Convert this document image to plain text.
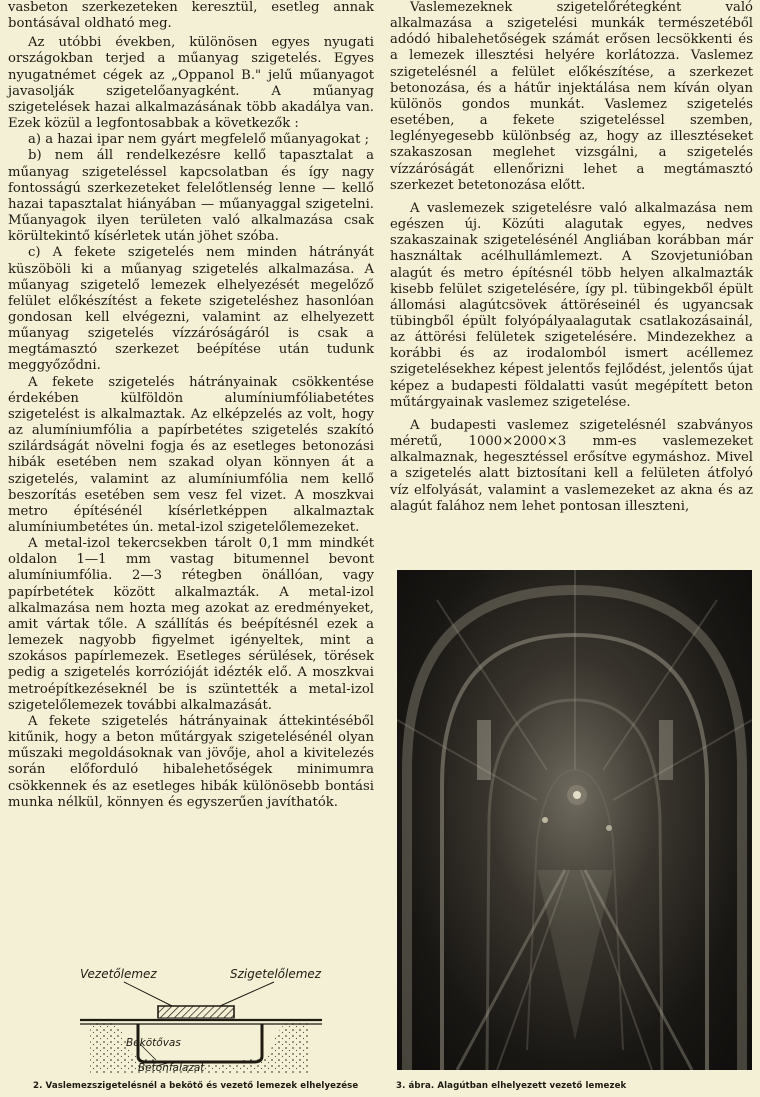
vasbeton szerkezeteken keresztül, esetleg annak bontásával oldható meg.

Az utóbbi években, különösen egyes nyugati országokban terjed a műanyag szigetelés. Egyes nyugatnémet cégek az „Oppanol B." jelű műanyagot javasolják szigetelőanyagként. A műanyag szigetelések hazai alkalmazásának több akadálya van. Ezek közül a legfontosabbak a következők :

a) a hazai ipar nem gyárt megfelelő műanyagokat ;

b) nem áll rendelkezésre kellő tapasztalat a műanyag szigeteléssel kapcsolatban és így nagy fontosságú szerkezeteket felelőtlenség lenne — kellő hazai tapasztalat hiányában — műanyaggal szigetelni. Műanyagok ilyen területen való alkalmazása csak körültekintő kísérletek után jöhet szóba.

c) A fekete szigetelés nem minden hátrányát küszöböli ki a műanyag szigetelés alkalmazása. A műanyag szigetelő lemezek elhelyezését megelőző felület előkészítést a fekete szigeteléshez hasonlóan gondosan kell elvégezni, valamint az elhelyezett műanyag szigetelés vízzáróságáról is csak a megtámasztó szerkezet beépítése után tudunk meggyőződni.

A fekete szigetelés hátrányainak csökkentése érdekében külföldön alumíniumfóliabetétes szigetelést is alkalmaztak. Az elképzelés az volt, hogy az alumíniumfólia a papírbetétes szigetelés szakító szilárdságát növelni fogja és az esetleges betonozási hibák esetében nem szakad olyan könnyen át a szigetelés, valamint az alumíniumfólia nem kellő beszorítás esetében sem vesz fel vizet. A moszkvai metro építésénél kísérletképpen alkalmaztak alumíniumbetétes ún. metal-izol szigetelőlemezeket.

A metal-izol tekercsekben tárolt 0,1 mm mindkét oldalon 1—1 mm vastag bitumennel bevont alumíniumfólia. 2—3 rétegben önállóan, vagy papírbetétek között alkalmazták. A metal-izol alkalmazása nem hozta meg azokat az eredményeket, amit vártak tőle. A szállítás és beépítésnél ezek a lemezek nagyobb figyelmet igényeltek, mint a szokásos papírlemezek. Esetleges sérülések, törések pedig a szigetelés korrózióját idézték elő. A moszkvai metroépítkezéseknél be is szüntették a metal-izol szigetelőlemezek további alkalmazását.

A fekete szigetelés hátrányainak áttekintéséből kitűnik, hogy a beton műtárgyak szigetelésénél olyan műszaki megoldásoknak van jövője, ahol a kivitelezés során előforduló hibalehetőségek minimumra csökkennek és az esetleges hibák különösebb bontási munka nélkül, könnyen és egyszerűen javíthatók.

Vaslemezeknek szigetelőrétegként való alkalmazása a szigetelési munkák természetéből adódó hibalehetőségek számát erősen lecsökkenti és a lemezek illesztési helyére korlátozza. Vaslemez szigetelésnél a felület előkészítése, a szerkezet betonozása, és a hátűr injektálása nem kíván olyan különös gondos munkát. Vaslemez szigetelés esetében, a fekete szigeteléssel szemben, leglényegesebb különbség az, hogy az illesztéseket szakaszosan meglehet vizsgálni, a szigetelés vízzáróságát ellenőrizni lehet a megtámasztó szerkezet betetonozása előtt.

A vaslemezek szigetelésre való alkalmazása nem egészen új. Közúti alagutak egyes, nedves szakaszainak szigetelésénél Angliában korábban már használtak acélhullámlemezt. A Szovjetunióban alagút és metro építésnél több helyen alkalmazták kisebb felület szigetelésére, így pl. tübingekből épült állomási alagútcsövek áttöréseinél és ugyancsak tübingből épült folyópályaalagutak csatlakozásainál, az áttörési felületek szigetelésére. Mindezekhez a korábbi és az irodalomból ismert acéllemez szigetelésekhez képest jelentős fejlődést, jelentős újat képez a budapesti földalatti vasút megépített beton műtárgyainak vaslemez szigetelése.

A budapesti vaslemez szigetelésnél szabványos méretű, 1000×2000×3 mm-es vaslemezeket alkalmaznak, hegesztéssel erősítve egymáshoz. Mivel a szigetelés alatt biztosítani kell a felületen átfolyó víz elfolyását, valamint a vaslemezeket az akna és az alagút falához nem lehet pontosan illeszteni,

Vezetőlemez	Szigetelőlemez
Bekötővas
Betonfalazat
2. Vaslemezszigetelésnél a bekötő és vezető lemezek elhelyezése	3. ábra. Alagútban elhelyezett vezető lemezek
